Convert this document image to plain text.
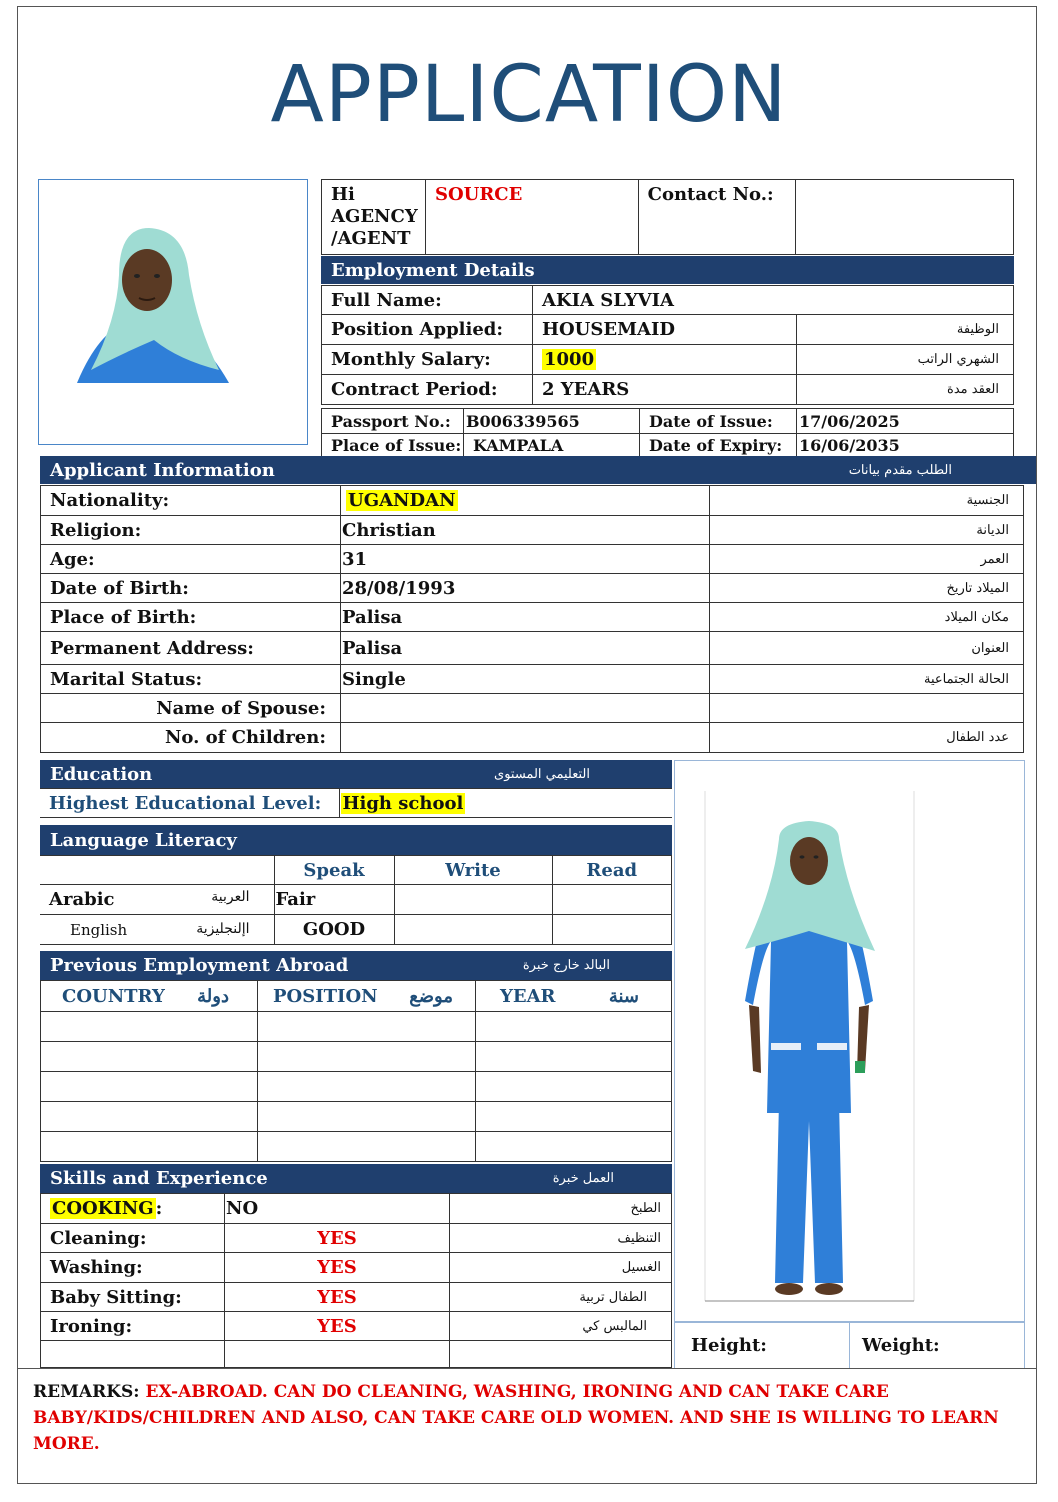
APPLICATION
Hi AGENCY /AGENT	SOURCE	Contact No.:	
Employment Details
Full Name:	AKIA SLYVIA	
Position Applied:	HOUSEMAID	الوظيفة
Monthly Salary:	1000	الشهري الراتب
Contract Period:	2 YEARS	العقد مدة
Passport No.:	B006339565	Date of Issue:	17/06/2025
Place of Issue:	KAMPALA	Date of Expiry:	16/06/2035
Applicant Information	الطلب مقدم بيانات
Nationality:	UGANDAN	الجنسية
Religion:	Christian	الديانة
Age:	31	العمر
Date of Birth:	28/08/1993	الميلاد تاريخ
Place of Birth:	Palisa	مكان الميلاد
Permanent Address:	Palisa	العنوان
Marital Status:	Single	الحالة الجتماعية
Name of Spouse:		
No. of Children:		عدد الطفال
Education	التعليمي المستوى
Highest Educational Level:	High school
Language Literacy
	Speak	Write	Read
Arabic العربية	Fair		
English اإلنجليزية	GOOD		
Previous Employment Abroad	البالد خارج خبرة
COUNTRY دولة	POSITION موضع	YEAR سنة

Skills and Experience	العمل خبرة
COOKING :	NO	الطبخ
Cleaning:	YES	التنظيف
Washing:	YES	الغسيل
Baby Sitting:	YES	الطفال تربية
Ironing:	YES	المالبس كي

Height:	Weight:
REMARKS: EX-ABROAD. CAN DO CLEANING, WASHING, IRONING AND CAN TAKE CARE BABY/KIDS/CHILDREN AND ALSO, CAN TAKE CARE OLD WOMEN. AND SHE IS WILLING TO LEARN MORE.
